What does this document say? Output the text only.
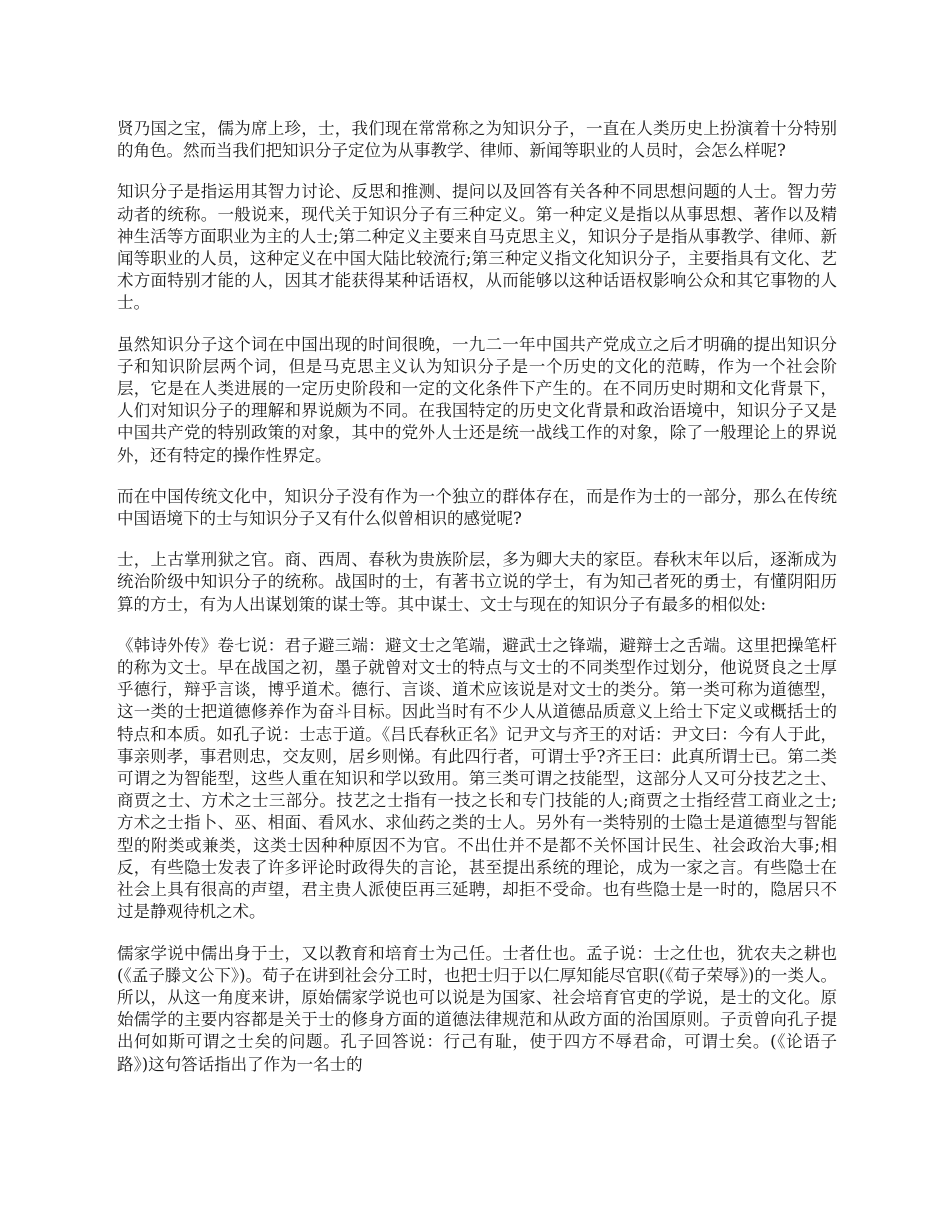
贤乃国之宝，儒为席上珍，士，我们现在常常称之为知识分子，一直在人类历史上扮演着十分特别的角色。然而当我们把知识分子定位为从事教学、律师、新闻等职业的人员时，会怎么样呢?

知识分子是指运用其智力讨论、反思和推测、提问以及回答有关各种不同思想问题的人士。智力劳动者的统称。一般说来，现代关于知识分子有三种定义。第一种定义是指以从事思想、著作以及精神生活等方面职业为主的人士;第二种定义主要来自马克思主义，知识分子是指从事教学、律师、新闻等职业的人员，这种定义在中国大陆比较流行;第三种定义指文化知识分子，主要指具有文化、艺术方面特别才能的人，因其才能获得某种话语权，从而能够以这种话语权影响公众和其它事物的人士。

虽然知识分子这个词在中国出现的时间很晚，一九二一年中国共产党成立之后才明确的提出知识分子和知识阶层两个词，但是马克思主义认为知识分子是一个历史的文化的范畴，作为一个社会阶层，它是在人类进展的一定历史阶段和一定的文化条件下产生的。在不同历史时期和文化背景下，人们对知识分子的理解和界说颇为不同。在我国特定的历史文化背景和政治语境中，知识分子又是中国共产党的特别政策的对象，其中的党外人士还是统一战线工作的对象，除了一般理论上的界说外，还有特定的操作性界定。

而在中国传统文化中，知识分子没有作为一个独立的群体存在，而是作为士的一部分，那么在传统中国语境下的士与知识分子又有什么似曾相识的感觉呢?

士，上古掌刑狱之官。商、西周、春秋为贵族阶层，多为卿大夫的家臣。春秋末年以后，逐渐成为统治阶级中知识分子的统称。战国时的士，有著书立说的学士，有为知己者死的勇士，有懂阴阳历算的方士，有为人出谋划策的谋士等。其中谋士、文士与现在的知识分子有最多的相似处:

《韩诗外传》卷七说：君子避三端：避文士之笔端，避武士之锋端，避辩士之舌端。这里把操笔杆的称为文士。早在战国之初，墨子就曾对文士的特点与文士的不同类型作过划分，他说贤良之士厚乎德行，辩乎言谈，博乎道术。德行、言谈、道术应该说是对文士的类分。第一类可称为道德型，这一类的士把道德修养作为奋斗目标。因此当时有不少人从道德品质意义上给士下定义或概括士的特点和本质。如孔子说：士志于道。《吕氏春秋正名》记尹文与齐王的对话：尹文曰：今有人于此，事亲则孝，事君则忠，交友则，居乡则悌。有此四行者，可谓士乎?齐王曰：此真所谓士已。第二类可谓之为智能型，这些人重在知识和学以致用。第三类可谓之技能型，这部分人又可分技艺之士、商贾之士、方术之士三部分。技艺之士指有一技之长和专门技能的人;商贾之士指经营工商业之士;方术之士指卜、巫、相面、看风水、求仙药之类的士人。另外有一类特别的士隐士是道德型与智能型的附类或兼类，这类士因种种原因不为官。不出仕并不是都不关怀国计民生、社会政治大事;相反，有些隐士发表了许多评论时政得失的言论，甚至提出系统的理论，成为一家之言。有些隐士在社会上具有很高的声望，君主贵人派使臣再三延聘，却拒不受命。也有些隐士是一时的，隐居只不过是静观待机之术。

儒家学说中儒出身于士，又以教育和培育士为己任。士者仕也。孟子说：士之仕也，犹农夫之耕也(《孟子滕文公下》)。荀子在讲到社会分工时，也把士归于以仁厚知能尽官职(《荀子荣辱》)的一类人。所以，从这一角度来讲，原始儒家学说也可以说是为国家、社会培育官吏的学说，是士的文化。原始儒学的主要内容都是关于士的修身方面的道德法律规范和从政方面的治国原则。子贡曾向孔子提出何如斯可谓之士矣的问题。孔子回答说：行己有耻，使于四方不辱君命，可谓士矣。(《论语子路》)这句答话指出了作为一名士的
